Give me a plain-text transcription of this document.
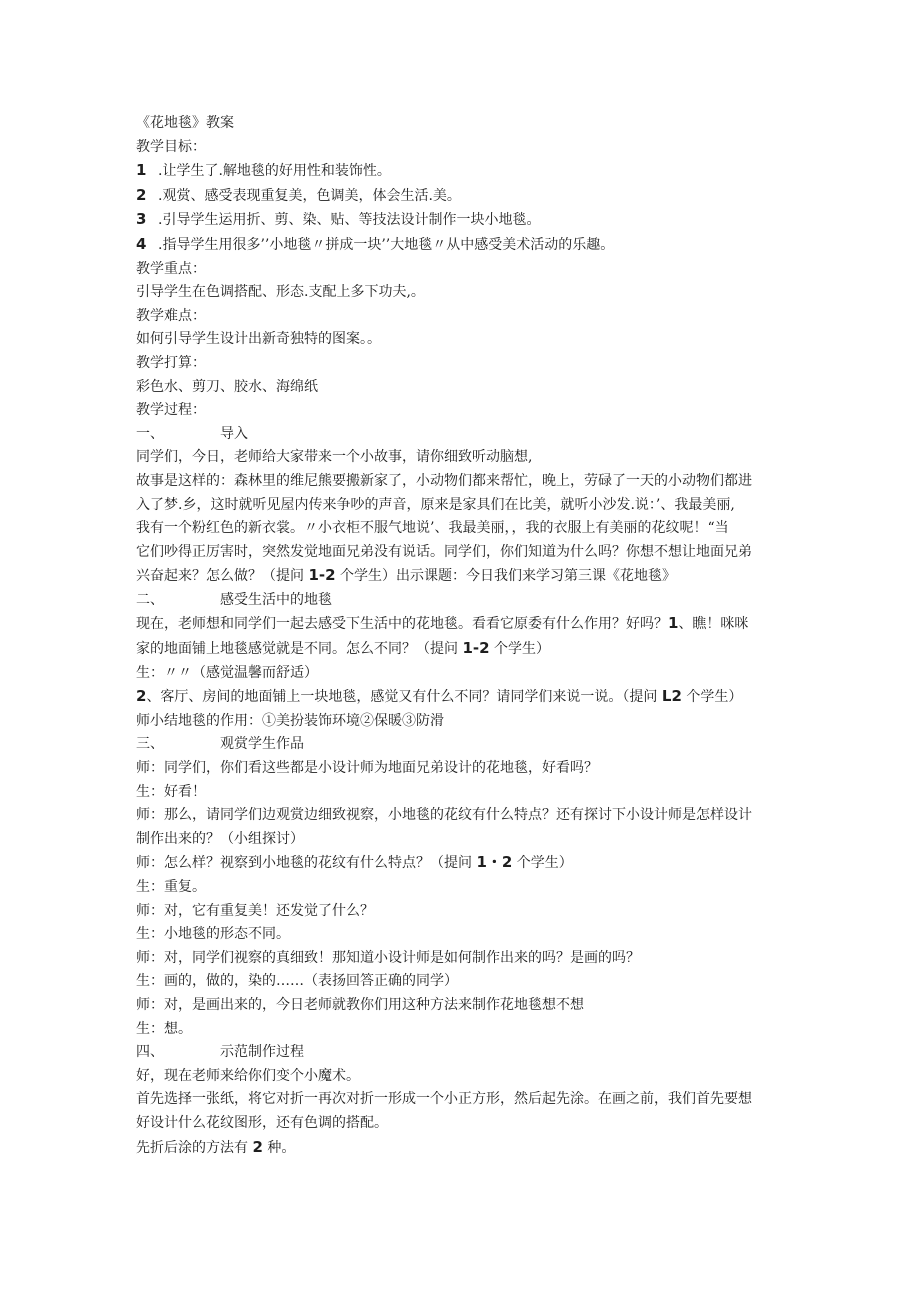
《花地毯》教案
教学目标：
1 .让学生了.解地毯的好用性和装饰性。
2 .观赏、感受表现重复美，色调美，体会生活.美。
3 .引导学生运用折、剪、染、贴、等技法设计制作一块小地毯。
4 .指导学生用很多’’小地毯〃拼成一块’’大地毯〃从中感受美术活动的乐趣。
教学重点：
引导学生在色调搭配、形态.支配上多下功夫,。
教学难点：
如何引导学生设计出新奇独特的图案。。
教学打算：
彩色水、剪刀、胶水、海绵纸
教学过程：
一、	导入
同学们，今日，老师给大家带来一个小故事，请你细致听动脑想,
故事是这样的：森林里的维尼熊要搬新家了，小动物们都来帮忙，晚上，劳碌了一天的小动物们都进
入了梦.乡，这时就听见屋内传来争吵的声音，原来是家具们在比美，就听小沙发.说：’、我最美丽,
我有一个粉红色的新衣裳。〃小衣柜不服气地说’、我最美丽，，我的衣服上有美丽的花纹呢！“当
它们吵得正厉害时，突然发觉地面兄弟没有说话。同学们，你们知道为什么吗？你想不想让地面兄弟
兴奋起来？怎么做？（提问 1-2 个学生）出示课题：今日我们来学习第三课《花地毯》
二、	感受生活中的地毯
现在，老师想和同学们一起去感受下生活中的花地毯。看看它原委有什么作用？好吗？1、瞧！咪咪
家的地面铺上地毯感觉就是不同。怎么不同？（提问 1-2 个学生）
生：〃〃（感觉温馨而舒适）
2、客厅、房间的地面铺上一块地毯，感觉又有什么不同？请同学们来说一说。（提问 L2 个学生）
师小结地毯的作用：①美扮装饰环境②保暖③防滑
三、	观赏学生作品
师：同学们，你们看这些都是小设计师为地面兄弟设计的花地毯，好看吗？
生：好看！
师：那么，请同学们边观赏边细致视察，小地毯的花纹有什么特点？还有探讨下小设计师是怎样设计
制作出来的？（小组探讨）
师：怎么样？视察到小地毯的花纹有什么特点？（提问 1・2 个学生）
生：重复。
师：对，它有重复美！还发觉了什么？
生：小地毯的形态不同。
师：对，同学们视察的真细致！那知道小设计师是如何制作出来的吗？是画的吗？
生：画的，做的，染的……（表扬回答正确的同学）
师：对，是画出来的，今日老师就教你们用这种方法来制作花地毯想不想
生：想。
四、	示范制作过程
好，现在老师来给你们变个小魔术。
首先选择一张纸，将它对折一再次对折一形成一个小正方形，然后起先涂。在画之前，我们首先要想
好设计什么花纹图形，还有色调的搭配。
先折后涂的方法有 2 种。
